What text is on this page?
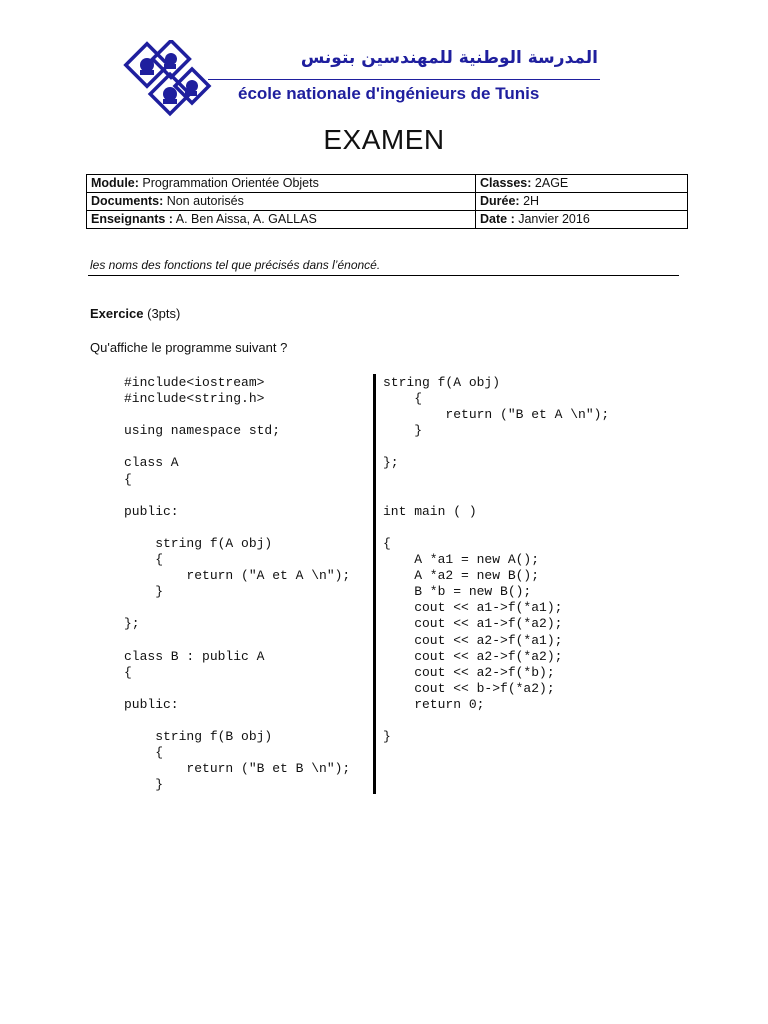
المدرسة الوطنية للمهندسين بتونس
école nationale d'ingénieurs de Tunis
EXAMEN
Module: Programmation Orientée Objets	Classes: 2AGE
Documents: Non autorisés	Durée: 2H
Enseignants : A. Ben Aissa, A. GALLAS	Date : Janvier 2016
les noms des fonctions tel que précisés dans l’énoncé.
Exercice (3pts)
Qu'affiche le programme suivant ?
#include<iostream>
#include<string.h>

using namespace std;

class A
{

public:

string f(A obj)
{
return ("A et A \n");
}

};

class B : public A
{

public:

string f(B obj)
{
return ("B et B \n");
}
string f(A obj)
{
return ("B et A \n");
}

};

int main ( )

{
A *a1 = new A();
A *a2 = new B();
B *b = new B();
cout << a1->f(*a1);
cout << a1->f(*a2);
cout << a2->f(*a1);
cout << a2->f(*a2);
cout << a2->f(*b);
cout << b->f(*a2);
return 0;

}
